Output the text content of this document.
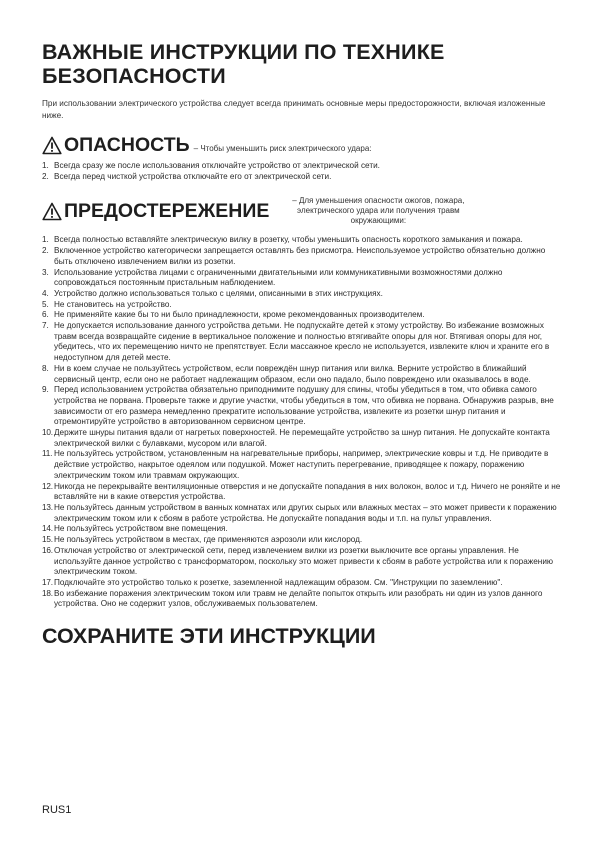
ВАЖНЫЕ ИНСТРУКЦИИ ПО ТЕХНИКЕ БЕЗОПАСНОСТИ

При использовании электрического устройства следует всегда принимать основные меры предосторожности, включая изложенные ниже.

ОПАСНОСТЬ – Чтобы уменьшить риск электрического удара:
1. Всегда сразу же после использования отключайте устройство от электрической сети.
2. Всегда перед чисткой устройства отключайте его от электрической сети.
ПРЕДОСТЕРЕЖЕНИЕ	– Для уменьшения опасности ожогов, пожара, электрического удара или получения травм окружающими:
1. Всегда полностью вставляйте электрическую вилку в розетку, чтобы уменьшить опасность короткого замыкания и пожара.
2. Включенное устройство категорически запрещается оставлять без присмотра. Неиспользуемое устройство обязательно должно быть отключено извлечением вилки из розетки.
3. Использование устройства лицами с ограниченными двигательными или коммуникативными возможностями должно сопровождаться постоянным пристальным наблюдением.
4. Устройство должно использоваться только с целями, описанными в этих инструкциях.
5. Не становитесь на устройство.
6. Не применяйте какие бы то ни было принадлежности, кроме рекомендованных производителем.
7. Не допускается использование данного устройства детьми. Не подпускайте детей к этому устройству. Во избежание возможных травм всегда возвращайте сидение в вертикальное положение и полностью втягивайте опоры для ног. Втягивая опоры для ног, убедитесь, что их перемещению ничто не препятствует. Если массажное кресло не используется, извлеките ключ и храните его в недоступном для детей месте.
8. Ни в коем случае не пользуйтесь устройством, если повреждён шнур питания или вилка. Верните устройство в ближайший сервисный центр, если оно не работает надлежащим образом, если оно падало, было повреждено или оказывалось в воде.
9. Перед использованием устройства обязательно приподнимите подушку для спины, чтобы убедиться в том, что обивка самого устройства не порвана. Проверьте также и другие участки, чтобы убедиться в том, что обивка не порвана. Обнаружив разрыв, вне зависимости от его размера немедленно прекратите использование устройства, извлеките из розетки шнур питания и отремонтируйте устройство в авторизованном сервисном центре.
10. Держите шнуры питания вдали от нагретых поверхностей. Не перемещайте устройство за шнур питания. Не допускайте контакта электрической вилки с булавками, мусором или влагой.
11. Не пользуйтесь устройством, установленным на нагревательные приборы, например, электрические ковры и т.д. Не приводите в действие устройство, накрытое одеялом или подушкой. Может наступить перегревание, приводящее к пожару, поражению электрическим током или травмам окружающих.
12. Никогда не перекрывайте вентиляционные отверстия и не допускайте попадания в них волокон, волос и т.д. Ничего не роняйте и не вставляйте ни в какие отверстия устройства.
13. Не пользуйтесь данным устройством в ванных комнатах или других сырых или влажных местах – это может привести к поражению электрическим током или к сбоям в работе устройства. Не допускайте попадания воды и т.п. на пульт управления.
14. Не пользуйтесь устройством вне помещения.
15. Не пользуйтесь устройством в местах, где применяются аэрозоли или кислород.
16. Отключая устройство от электрической сети, перед извлечением вилки из розетки выключите все органы управления. Не используйте данное устройство с трансформатором, поскольку это может привести к сбоям в работе устройства или к поражению электрическим током.
17. Подключайте это устройство только к розетке, заземленной надлежащим образом. См. "Инструкции по заземлению".
18. Во избежание поражения электрическим током или травм не делайте попыток открыть или разобрать ни один из узлов данного устройства. Оно не содержит узлов, обслуживаемых пользователем.
СОХРАНИТЕ ЭТИ ИНСТРУКЦИИ
RUS1
